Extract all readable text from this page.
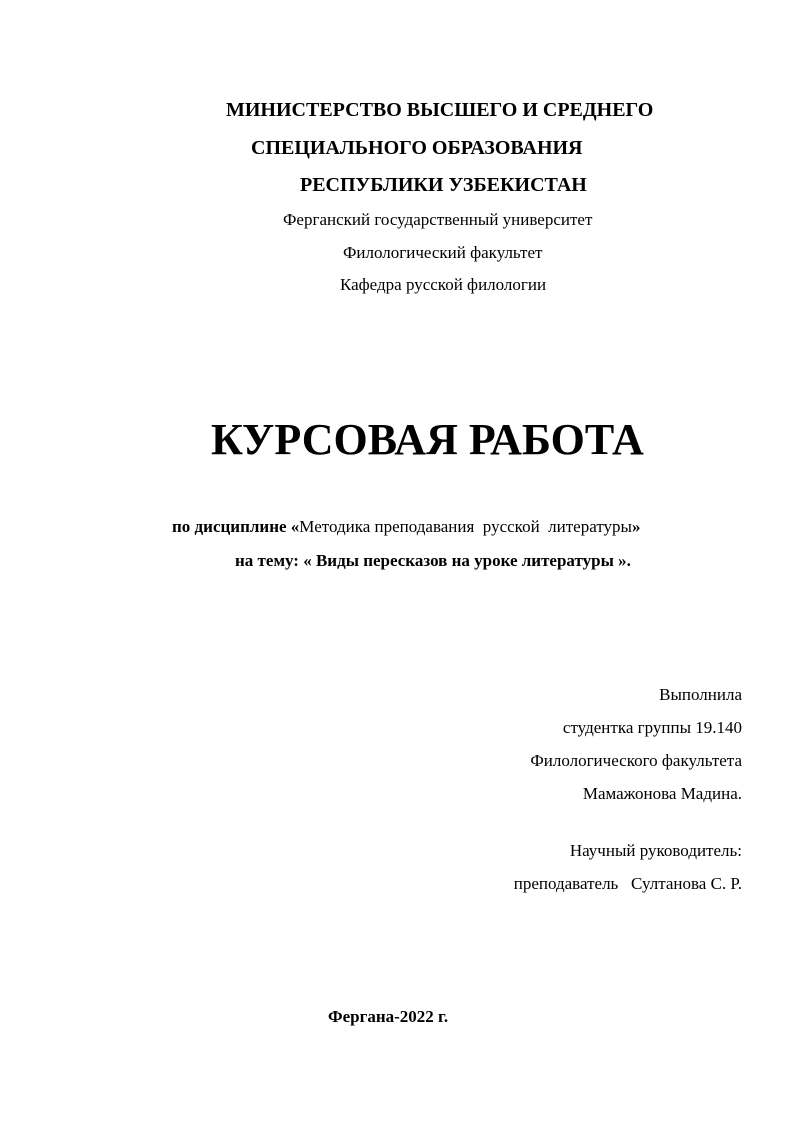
МИНИСТЕРСТВО ВЫСШЕГО И СРЕДНЕГО
СПЕЦИАЛЬНОГО ОБРАЗОВАНИЯ
РЕСПУБЛИКИ УЗБЕКИСТАН
Ферганский государственный университет
Филологический факультет
Кафедра русской филологии
КУРСОВАЯ РАБОТА
по дисциплине «Методика преподавания  русской  литературы»
на тему: « Виды пересказов на уроке литературы ».
Выполнила
студентка группы 19.140
Филологического факультета
Мамажонова Мадина.
Научный руководитель:
преподаватель   Султанова С. Р.
Фергана-2022 г.
